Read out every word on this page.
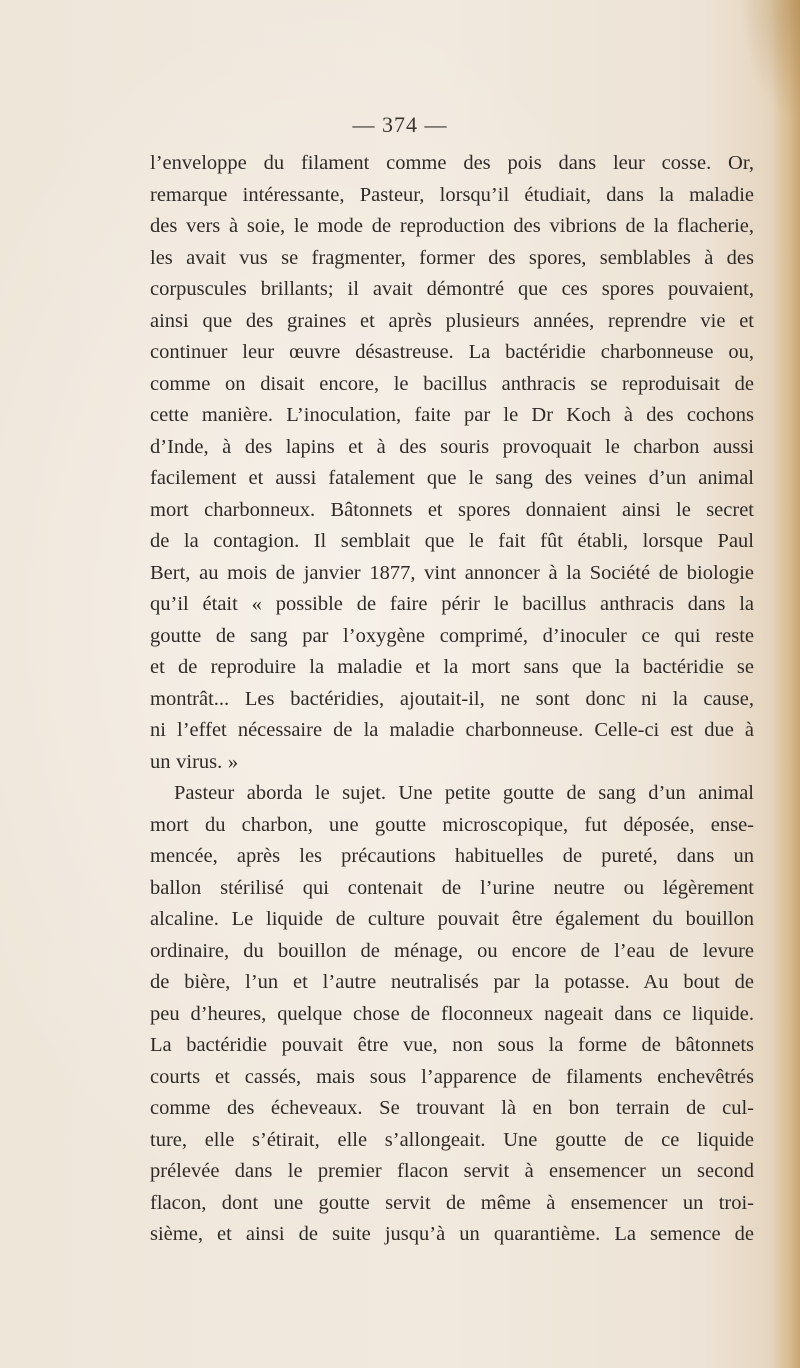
— 374 —
l’enveloppe du filament comme des pois dans leur cosse. Or,
remarque intéressante, Pasteur, lorsqu’il étudiait, dans la maladie
des vers à soie, le mode de reproduction des vibrions de la flacherie,
les avait vus se fragmenter, former des spores, semblables à des
corpuscules brillants; il avait démontré que ces spores pouvaient,
ainsi que des graines et après plusieurs années, reprendre vie et
continuer leur œuvre désastreuse. La bactéridie charbonneuse ou,
comme on disait encore, le bacillus anthracis se reproduisait de
cette manière. L’inoculation, faite par le Dr Koch à des cochons
d’Inde, à des lapins et à des souris provoquait le charbon aussi
facilement et aussi fatalement que le sang des veines d’un animal
mort charbonneux. Bâtonnets et spores donnaient ainsi le secret
de la contagion. Il semblait que le fait fût établi, lorsque Paul
Bert, au mois de janvier 1877, vint annoncer à la Société de biologie
qu’il était « possible de faire périr le bacillus anthracis dans la
goutte de sang par l’oxygène comprimé, d’inoculer ce qui reste
et de reproduire la maladie et la mort sans que la bactéridie se
montrât... Les bactéridies, ajoutait-il, ne sont donc ni la cause,
ni l’effet nécessaire de la maladie charbonneuse. Celle-ci est due à
un virus. »
Pasteur aborda le sujet. Une petite goutte de sang d’un animal
mort du charbon, une goutte microscopique, fut déposée, ense-
mencée, après les précautions habituelles de pureté, dans un
ballon stérilisé qui contenait de l’urine neutre ou légèrement
alcaline. Le liquide de culture pouvait être également du bouillon
ordinaire, du bouillon de ménage, ou encore de l’eau de levure
de bière, l’un et l’autre neutralisés par la potasse. Au bout de
peu d’heures, quelque chose de floconneux nageait dans ce liquide.
La bactéridie pouvait être vue, non sous la forme de bâtonnets
courts et cassés, mais sous l’apparence de filaments enchevêtrés
comme des écheveaux. Se trouvant là en bon terrain de cul-
ture, elle s’étirait, elle s’allongeait. Une goutte de ce liquide
prélevée dans le premier flacon servit à ensemencer un second
flacon, dont une goutte servit de même à ensemencer un troi-
sième, et ainsi de suite jusqu’à un quarantième. La semence de
